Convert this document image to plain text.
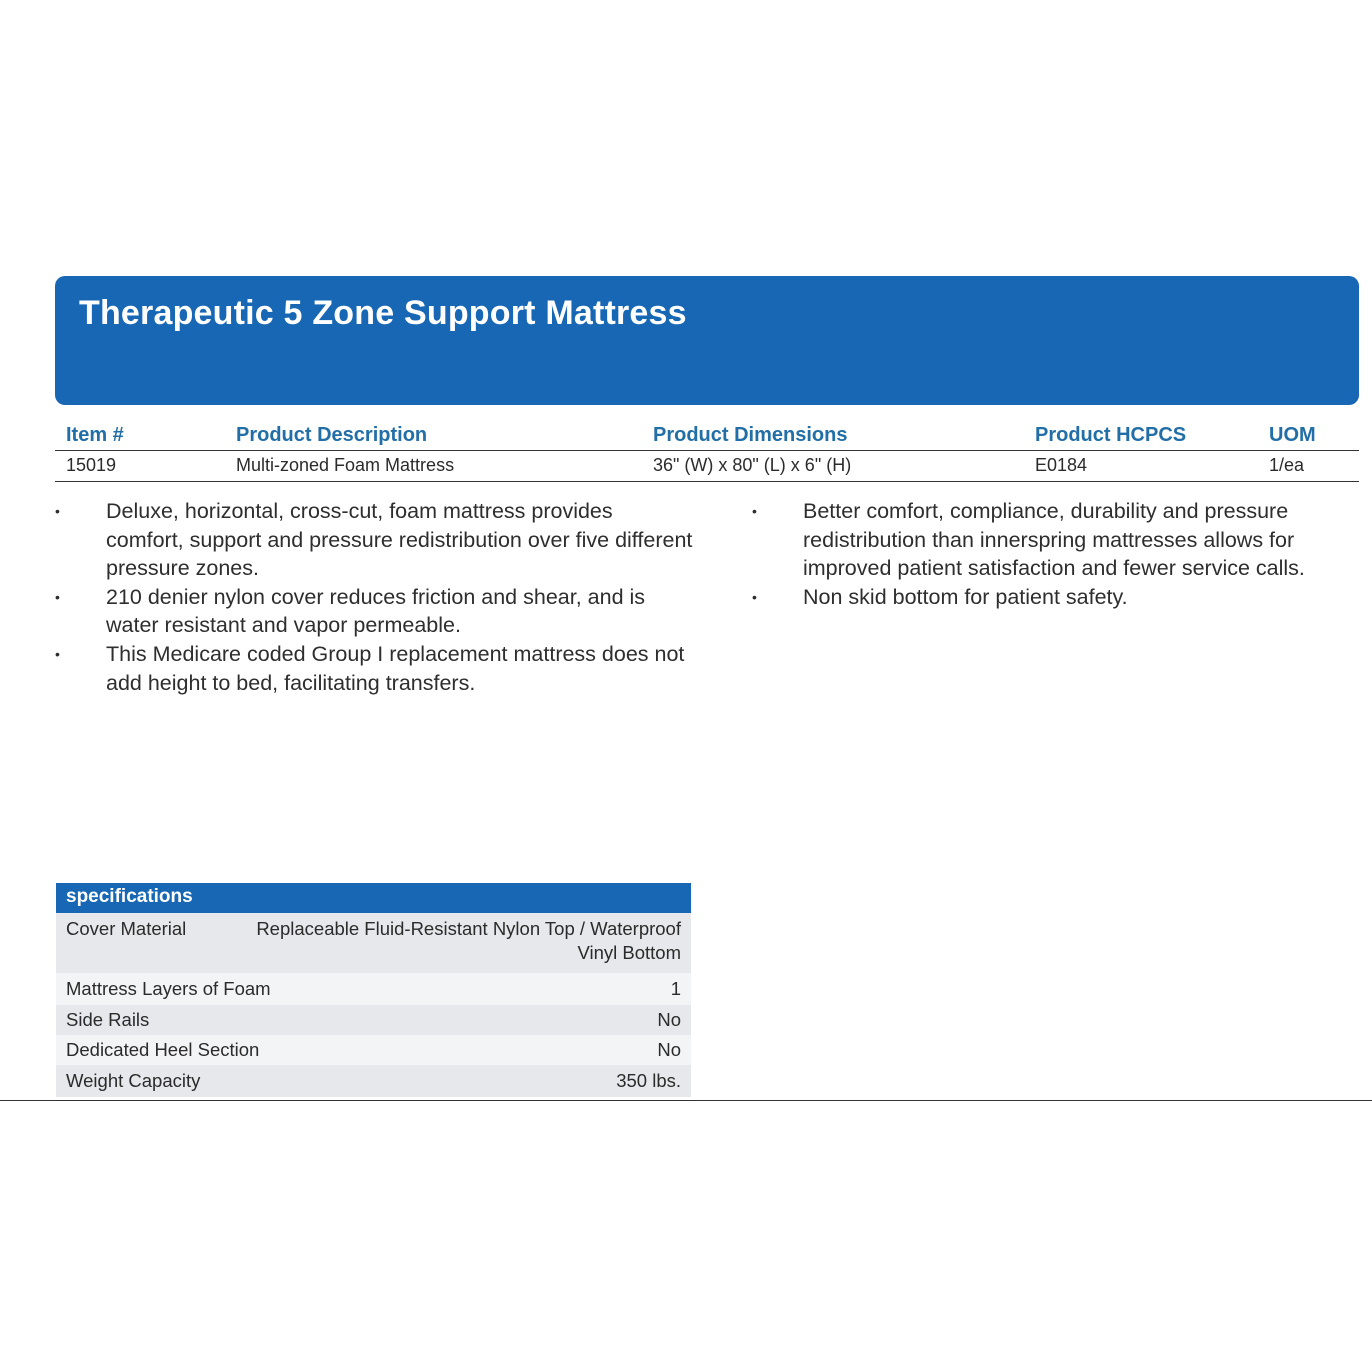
Therapeutic 5 Zone Support Mattress
Item #	Product Description	Product Dimensions	Product HCPCS	UOM
15019	Multi-zoned Foam Mattress	36" (W) x 80" (L) x 6" (H)	E0184	1/ea
• Deluxe, horizontal, cross-cut, foam mattress provides comfort, support and pressure redistribution over five different pressure zones.
• 210 denier nylon cover reduces friction and shear, and is water resistant and vapor permeable.
• This Medicare coded Group I replacement mattress does not add height to bed, facilitating transfers.
• Better comfort, compliance, durability and pressure redistribution than innerspring mattresses allows for improved patient satisfaction and fewer service calls.
• Non skid bottom for patient safety.
specifications
Cover Material	Replaceable Fluid-Resistant Nylon Top / Waterproof Vinyl Bottom
Mattress Layers of Foam	1
Side Rails	No
Dedicated Heel Section	No
Weight Capacity	350 lbs.
